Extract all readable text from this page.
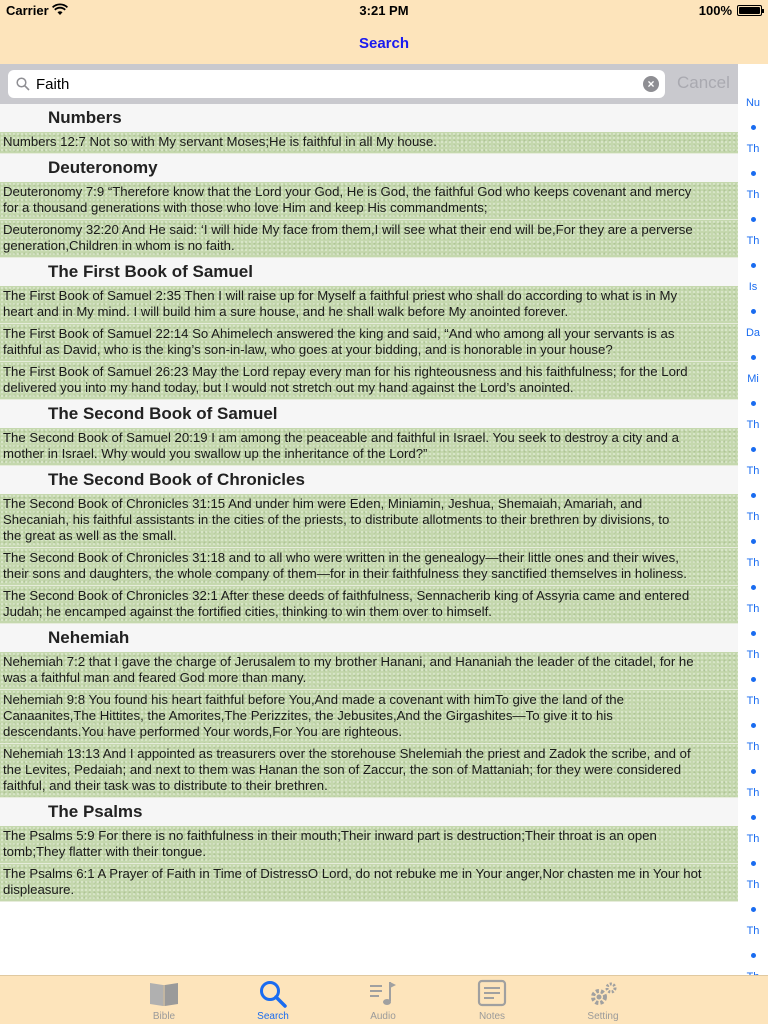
Carrier	3:21 PM	100%
Search
Faith
× Cancel
Numbers
Numbers 12:7 Not so with My servant Moses;He is faithful in all My house.
Deuteronomy
Deuteronomy 7:9 “Therefore know that the Lord your God, He is God, the faithful God who keeps covenant and mercy
for a thousand generations with those who love Him and keep His commandments;
Deuteronomy 32:20 And He said: ‘I will hide My face from them,I will see what their end will be,For they are a perverse
generation,Children in whom is no faith.
The First Book of Samuel
The First Book of Samuel 2:35 Then I will raise up for Myself a faithful priest who shall do according to what is in My
heart and in My mind. I will build him a sure house, and he shall walk before My anointed forever.
The First Book of Samuel 22:14 So Ahimelech answered the king and said, “And who among all your servants is as
faithful as David, who is the king’s son-in-law, who goes at your bidding, and is honorable in your house?
The First Book of Samuel 26:23 May the Lord repay every man for his righteousness and his faithfulness; for the Lord
delivered you into my hand today, but I would not stretch out my hand against the Lord’s anointed.
The Second Book of Samuel
The Second Book of Samuel 20:19 I am among the peaceable and faithful in Israel. You seek to destroy a city and a
mother in Israel. Why would you swallow up the inheritance of the Lord?”
The Second Book of Chronicles
The Second Book of Chronicles 31:15 And under him were Eden, Miniamin, Jeshua, Shemaiah, Amariah, and
Shecaniah, his faithful assistants in the cities of the priests, to distribute allotments to their brethren by divisions, to
the great as well as the small.
The Second Book of Chronicles 31:18 and to all who were written in the genealogy—their little ones and their wives,
their sons and daughters, the whole company of them—for in their faithfulness they sanctified themselves in holiness.
The Second Book of Chronicles 32:1 After these deeds of faithfulness, Sennacherib king of Assyria came and entered
Judah; he encamped against the fortified cities, thinking to win them over to himself.
Nehemiah
Nehemiah 7:2 that I gave the charge of Jerusalem to my brother Hanani, and Hananiah the leader of the citadel, for he
was a faithful man and feared God more than many.
Nehemiah 9:8 You found his heart faithful before You,And made a covenant with himTo give the land of the
Canaanites,The Hittites, the Amorites,The Perizzites, the Jebusites,And the Girgashites—To give it to his
descendants.You have performed Your words,For You are righteous.
Nehemiah 13:13 And I appointed as treasurers over the storehouse Shelemiah the priest and Zadok the scribe, and of
the Levites, Pedaiah; and next to them was Hanan the son of Zaccur, the son of Mattaniah; for they were considered
faithful, and their task was to distribute to their brethren.
The Psalms
The Psalms 5:9 For there is no faithfulness in their mouth;Their inward part is destruction;Their throat is an open
tomb;They flatter with their tongue.
The Psalms 6:1 A Prayer of Faith in Time of DistressO Lord, do not rebuke me in Your anger,Nor chasten me in Your hot
displeasure.
Nu
Th
Th
Th
Is
Da
Mi
Th
Th
Th
Th
Th
Th
Th
Th
Th
Th
Th
Th
Bible	Search	Audio	Notes	Setting
